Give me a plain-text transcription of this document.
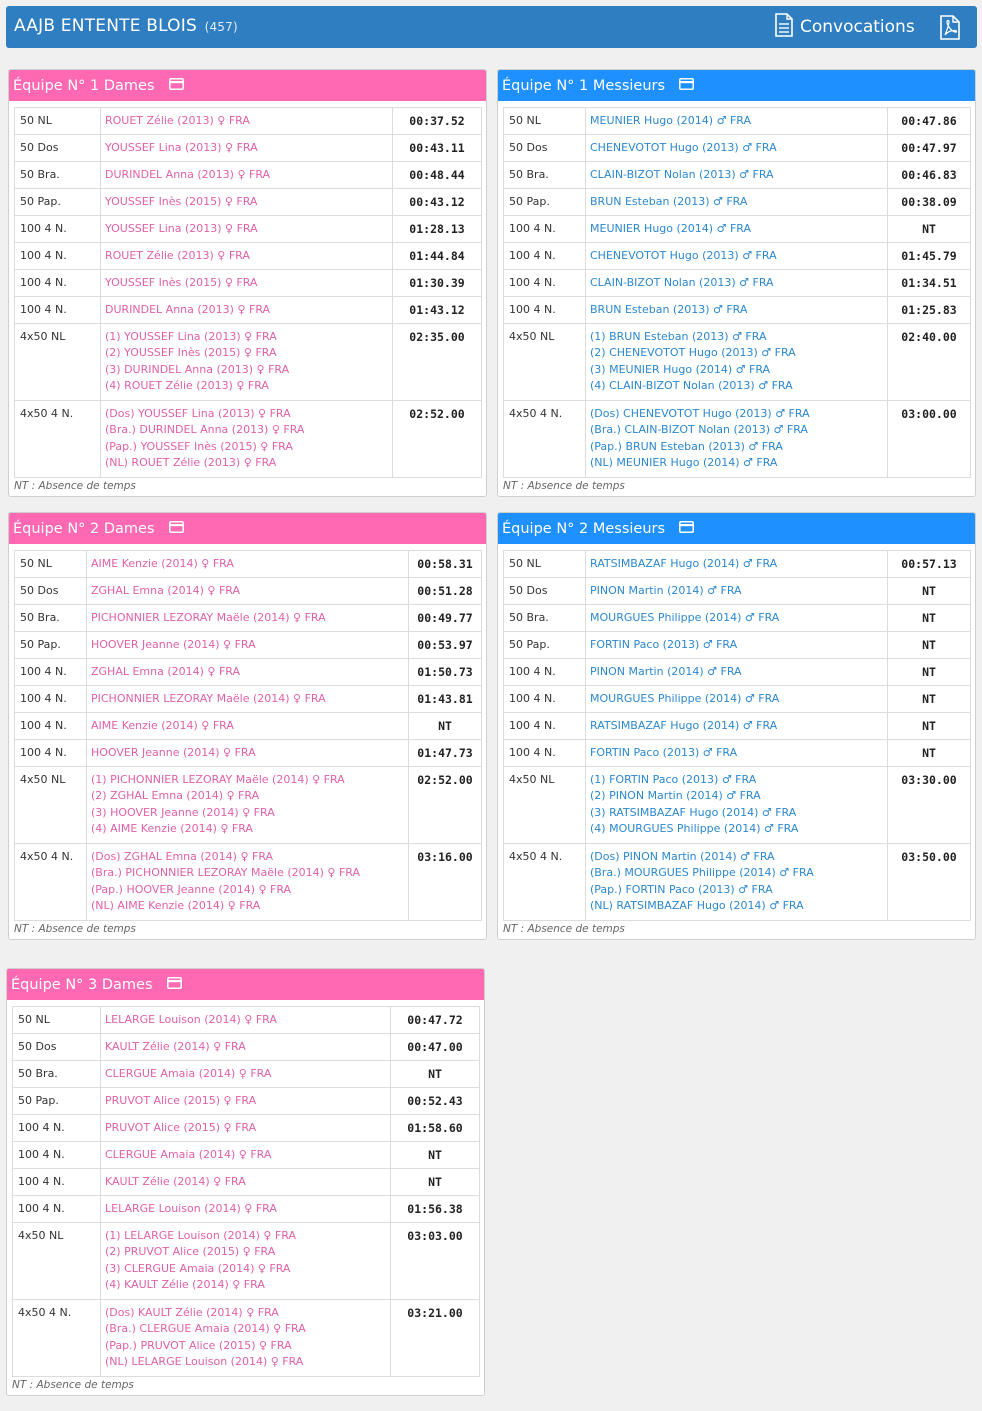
AAJB ENTENTE BLOIS (457)	Convocations
Équipe N° 1 Dames
50 NL	ROUET Zélie (2013) ♀ FRA	00:37.52
50 Dos	YOUSSEF Lina (2013) ♀ FRA	00:43.11
50 Bra.	DURINDEL Anna (2013) ♀ FRA	00:48.44
50 Pap.	YOUSSEF Inès (2015) ♀ FRA	00:43.12
100 4 N.	YOUSSEF Lina (2013) ♀ FRA	01:28.13
100 4 N.	ROUET Zélie (2013) ♀ FRA	01:44.84
100 4 N.	YOUSSEF Inès (2015) ♀ FRA	01:30.39
100 4 N.	DURINDEL Anna (2013) ♀ FRA	01:43.12
4x50 NL	(1) YOUSSEF Lina (2013) ♀ FRA
(2) YOUSSEF Inès (2015) ♀ FRA
(3) DURINDEL Anna (2013) ♀ FRA
(4) ROUET Zélie (2013) ♀ FRA	02:35.00
4x50 4 N.	(Dos) YOUSSEF Lina (2013) ♀ FRA
(Bra.) DURINDEL Anna (2013) ♀ FRA
(Pap.) YOUSSEF Inès (2015) ♀ FRA
(NL) ROUET Zélie (2013) ♀ FRA	02:52.00
NT : Absence de temps
Équipe N° 1 Messieurs
50 NL	MEUNIER Hugo (2014) ♂ FRA	00:47.86
50 Dos	CHENEVOTOT Hugo (2013) ♂ FRA	00:47.97
50 Bra.	CLAIN-BIZOT Nolan (2013) ♂ FRA	00:46.83
50 Pap.	BRUN Esteban (2013) ♂ FRA	00:38.09
100 4 N.	MEUNIER Hugo (2014) ♂ FRA	NT
100 4 N.	CHENEVOTOT Hugo (2013) ♂ FRA	01:45.79
100 4 N.	CLAIN-BIZOT Nolan (2013) ♂ FRA	01:34.51
100 4 N.	BRUN Esteban (2013) ♂ FRA	01:25.83
4x50 NL	(1) BRUN Esteban (2013) ♂ FRA
(2) CHENEVOTOT Hugo (2013) ♂ FRA
(3) MEUNIER Hugo (2014) ♂ FRA
(4) CLAIN-BIZOT Nolan (2013) ♂ FRA	02:40.00
4x50 4 N.	(Dos) CHENEVOTOT Hugo (2013) ♂ FRA
(Bra.) CLAIN-BIZOT Nolan (2013) ♂ FRA
(Pap.) BRUN Esteban (2013) ♂ FRA
(NL) MEUNIER Hugo (2014) ♂ FRA	03:00.00
NT : Absence de temps
Équipe N° 2 Dames
50 NL	AIME Kenzie (2014) ♀ FRA	00:58.31
50 Dos	ZGHAL Emna (2014) ♀ FRA	00:51.28
50 Bra.	PICHONNIER LEZORAY Maële (2014) ♀ FRA	00:49.77
50 Pap.	HOOVER Jeanne (2014) ♀ FRA	00:53.97
100 4 N.	ZGHAL Emna (2014) ♀ FRA	01:50.73
100 4 N.	PICHONNIER LEZORAY Maële (2014) ♀ FRA	01:43.81
100 4 N.	AIME Kenzie (2014) ♀ FRA	NT
100 4 N.	HOOVER Jeanne (2014) ♀ FRA	01:47.73
4x50 NL	(1) PICHONNIER LEZORAY Maële (2014) ♀ FRA
(2) ZGHAL Emna (2014) ♀ FRA
(3) HOOVER Jeanne (2014) ♀ FRA
(4) AIME Kenzie (2014) ♀ FRA	02:52.00
4x50 4 N.	(Dos) ZGHAL Emna (2014) ♀ FRA
(Bra.) PICHONNIER LEZORAY Maële (2014) ♀ FRA
(Pap.) HOOVER Jeanne (2014) ♀ FRA
(NL) AIME Kenzie (2014) ♀ FRA	03:16.00
NT : Absence de temps
Équipe N° 2 Messieurs
50 NL	RATSIMBAZAF Hugo (2014) ♂ FRA	00:57.13
50 Dos	PINON Martin (2014) ♂ FRA	NT
50 Bra.	MOURGUES Philippe (2014) ♂ FRA	NT
50 Pap.	FORTIN Paco (2013) ♂ FRA	NT
100 4 N.	PINON Martin (2014) ♂ FRA	NT
100 4 N.	MOURGUES Philippe (2014) ♂ FRA	NT
100 4 N.	RATSIMBAZAF Hugo (2014) ♂ FRA	NT
100 4 N.	FORTIN Paco (2013) ♂ FRA	NT
4x50 NL	(1) FORTIN Paco (2013) ♂ FRA
(2) PINON Martin (2014) ♂ FRA
(3) RATSIMBAZAF Hugo (2014) ♂ FRA
(4) MOURGUES Philippe (2014) ♂ FRA	03:30.00
4x50 4 N.	(Dos) PINON Martin (2014) ♂ FRA
(Bra.) MOURGUES Philippe (2014) ♂ FRA
(Pap.) FORTIN Paco (2013) ♂ FRA
(NL) RATSIMBAZAF Hugo (2014) ♂ FRA	03:50.00
NT : Absence de temps
Équipe N° 3 Dames
50 NL	LELARGE Louison (2014) ♀ FRA	00:47.72
50 Dos	KAULT Zélie (2014) ♀ FRA	00:47.00
50 Bra.	CLERGUE Amaia (2014) ♀ FRA	NT
50 Pap.	PRUVOT Alice (2015) ♀ FRA	00:52.43
100 4 N.	PRUVOT Alice (2015) ♀ FRA	01:58.60
100 4 N.	CLERGUE Amaia (2014) ♀ FRA	NT
100 4 N.	KAULT Zélie (2014) ♀ FRA	NT
100 4 N.	LELARGE Louison (2014) ♀ FRA	01:56.38
4x50 NL	(1) LELARGE Louison (2014) ♀ FRA
(2) PRUVOT Alice (2015) ♀ FRA
(3) CLERGUE Amaia (2014) ♀ FRA
(4) KAULT Zélie (2014) ♀ FRA	03:03.00
4x50 4 N.	(Dos) KAULT Zélie (2014) ♀ FRA
(Bra.) CLERGUE Amaia (2014) ♀ FRA
(Pap.) PRUVOT Alice (2015) ♀ FRA
(NL) LELARGE Louison (2014) ♀ FRA	03:21.00
NT : Absence de temps
